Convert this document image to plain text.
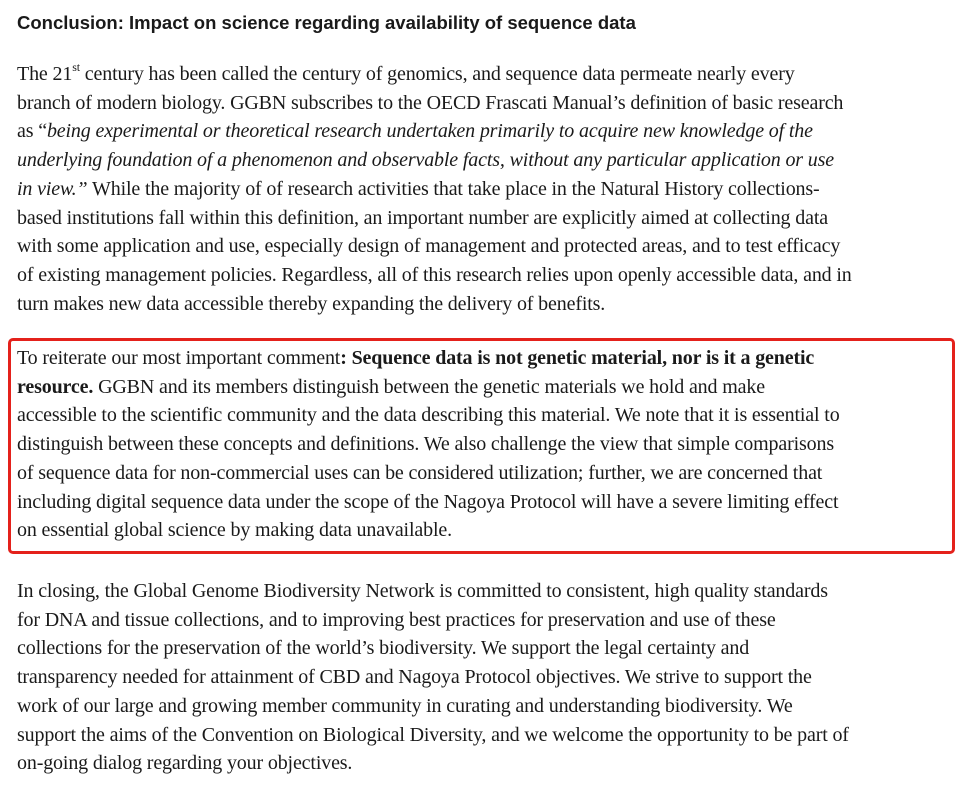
Conclusion: Impact on science regarding availability of sequence data
The 21st century has been called the century of genomics, and sequence data permeate nearly every
branch of modern biology. GGBN subscribes to the OECD Frascati Manual’s definition of basic research
as “being experimental or theoretical research undertaken primarily to acquire new knowledge of the
underlying foundation of a phenomenon and observable facts, without any particular application or use
in view.” While the majority of of research activities that take place in the Natural History collections-
based institutions fall within this definition, an important number are explicitly aimed at collecting data
with some application and use, especially design of management and protected areas, and to test efficacy
of existing management policies. Regardless, all of this research relies upon openly accessible data, and in
turn makes new data accessible thereby expanding the delivery of benefits.
To reiterate our most important comment: Sequence data is not genetic material, nor is it a genetic
resource. GGBN and its members distinguish between the genetic materials we hold and make
accessible to the scientific community and the data describing this material. We note that it is essential to
distinguish between these concepts and definitions. We also challenge the view that simple comparisons
of sequence data for non-commercial uses can be considered utilization; further, we are concerned that
including digital sequence data under the scope of the Nagoya Protocol will have a severe limiting effect
on essential global science by making data unavailable.
In closing, the Global Genome Biodiversity Network is committed to consistent, high quality standards
for DNA and tissue collections, and to improving best practices for preservation and use of these
collections for the preservation of the world’s biodiversity. We support the legal certainty and
transparency needed for attainment of CBD and Nagoya Protocol objectives. We strive to support the
work of our large and growing member community in curating and understanding biodiversity. We
support the aims of the Convention on Biological Diversity, and we welcome the opportunity to be part of
on-going dialog regarding your objectives.
